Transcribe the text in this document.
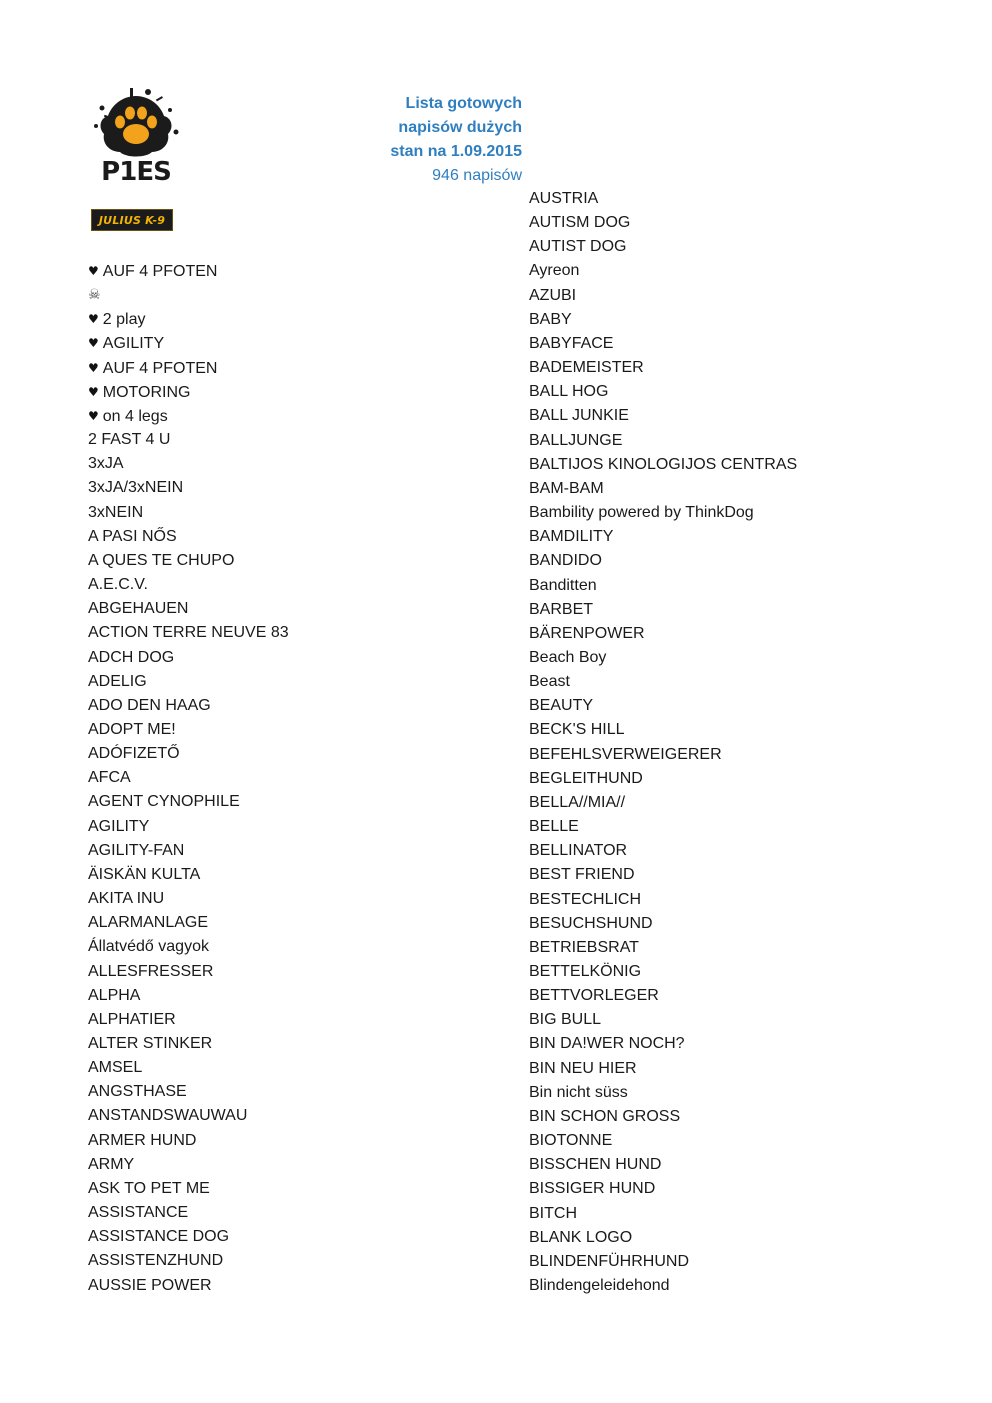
P1ES
JULIUS K-9
Lista gotowych
napisów dużych
stan na 1.09.2015
946 napisów
♥ AUF 4 PFOTEN
☠
♥ 2 play
♥ AGILITY
♥ AUF 4 PFOTEN
♥ MOTORING
♥ on 4 legs
2 FAST 4 U
3xJA
3xJA/3xNEIN
3xNEIN
A PASI NŐS
A QUES TE CHUPO
A.E.C.V.
ABGEHAUEN
ACTION TERRE NEUVE 83
ADCH DOG
ADELIG
ADO DEN HAAG
ADOPT ME!
ADÓFIZETŐ
AFCA
AGENT CYNOPHILE
AGILITY
AGILITY-FAN
ÄISKÄN KULTA
AKITA INU
ALARMANLAGE
Állatvédő vagyok
ALLESFRESSER
ALPHA
ALPHATIER
ALTER STINKER
AMSEL
ANGSTHASE
ANSTANDSWAUWAU
ARMER HUND
ARMY
ASK TO PET ME
ASSISTANCE
ASSISTANCE DOG
ASSISTENZHUND
AUSSIE POWER
AUSTRIA
AUTISM DOG
AUTIST DOG
Ayreon
AZUBI
BABY
BABYFACE
BADEMEISTER
BALL HOG
BALL JUNKIE
BALLJUNGE
BALTIJOS KINOLOGIJOS CENTRAS
BAM-BAM
Bambility powered by ThinkDog
BAMDILITY
BANDIDO
Banditten
BARBET
BÄRENPOWER
Beach Boy
Beast
BEAUTY
BECK'S HILL
BEFEHLSVERWEIGERER
BEGLEITHUND
BELLA//MIA//
BELLE
BELLINATOR
BEST FRIEND
BESTECHLICH
BESUCHSHUND
BETRIEBSRAT
BETTELKÖNIG
BETTVORLEGER
BIG BULL
BIN DA!WER NOCH?
BIN NEU HIER
Bin nicht süss
BIN SCHON GROSS
BIOTONNE
BISSCHEN HUND
BISSIGER HUND
BITCH
BLANK LOGO
BLINDENFÜHRHUND
Blindengeleidehond
